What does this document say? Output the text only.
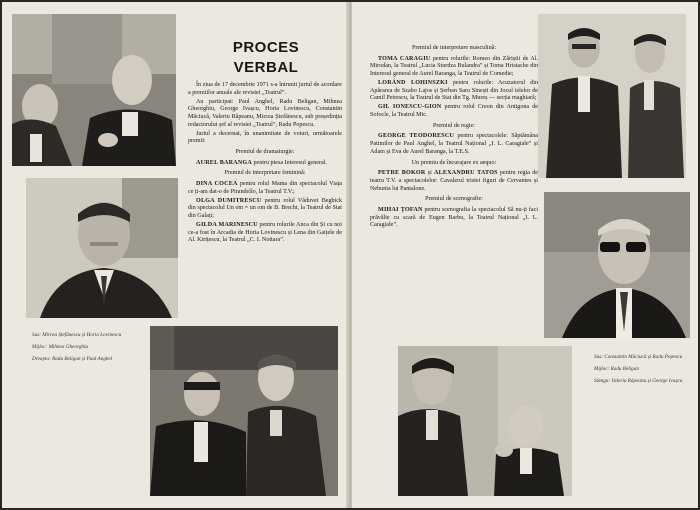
PROCES
VERBAL

În ziua de 17 decembrie 1971 s-a întrunit juriul de acordare a premiilor anuale ale revistei „Teatrul”.

Au participat: Paul Anghel, Radu Beligan, Mihnea Gheorghiu, George Ivașcu, Horia Lovinescu, Constantin Măciucă, Valeriu Râpeanu, Mircea Ștefănescu, sub președinția redactorului șef al revistei „Teatrul”, Radu Popescu.

Juriul a decernat, în unanimitate de voturi, următoarele premii:

Premiul de dramaturgie:

AUREL BARANGA pentru piesa Interesul general.

Premiul de interpretare feminină:

DINA COCEA pentru rolul Mama din spectacolul Viața ce ți-am dat-o de Pirandello, la Teatrul T.V.;

OLGA DUMITRESCU pentru rolul Văduvei Begbick din spectacolul Un om = un om de B. Brecht, la Teatrul de Stat din Galați;

GILDA MARINESCU pentru rolurile Anca din Și cu noi ce-a fost în Arcadia de Horia Lovinescu și Lena din Gaițele de Al. Kirițescu, la Teatrul „C. I. Nottara”.

Sus: Mircea Ștefănescu și Horia Lovinescu
Mijloc: Mihnea Gheorghiu
Dreapta: Radu Beligan și Paul Anghel

Premiul de interpretare masculină:

TOMA CARAGIU pentru rolurile: Romeo din Zăriștii de Al. Mirodan, la Teatrul „Lucia Sturdza Bulandra” și Toma Hristache din Interesul general de Aurel Baranga, la Teatrul de Comedie;

LORÁND LOHINSZKI pentru rolurile: Acuzatorul din Apărarea de Szabo Lajos și Șerban Saru Sinești din Jocul ielelor de Camil Petrescu, la Teatrul de Stat din Tg. Mureș — secția maghiară;

GH. IONESCU-GION pentru rolul Creon din Antigona de Sofocle, la Teatrul Mic.

Premiul de regie:

GEORGE TEODORESCU pentru spectacolele: Săptămâna Patimilor de Paul Anghel, la Teatrul Național „I. L. Caragiale” și Adam și Eva de Aurel Baranga, la T.E.S.

Un premiu de încurajare ex aequo:

PETRE BOKOR și ALEXANDRU TATOS pentru regia de teatru T.V. a spectacolelor: Cavalerul tristei figuri de Cervantes și Nebunia lui Pantalone.

Premiul de scenografie:

MIHAI ȚOFAN pentru scenografia la spectacolul Să nu-ți faci prăvălie cu scară de Eugen Barbu, la Teatrul Național „I. L. Caragiale”.

Sus: Constantin Măciucă și Radu Popescu
Mijloc: Radu Beligan
Stânga: Valeriu Râpeanu și George Ivașcu
